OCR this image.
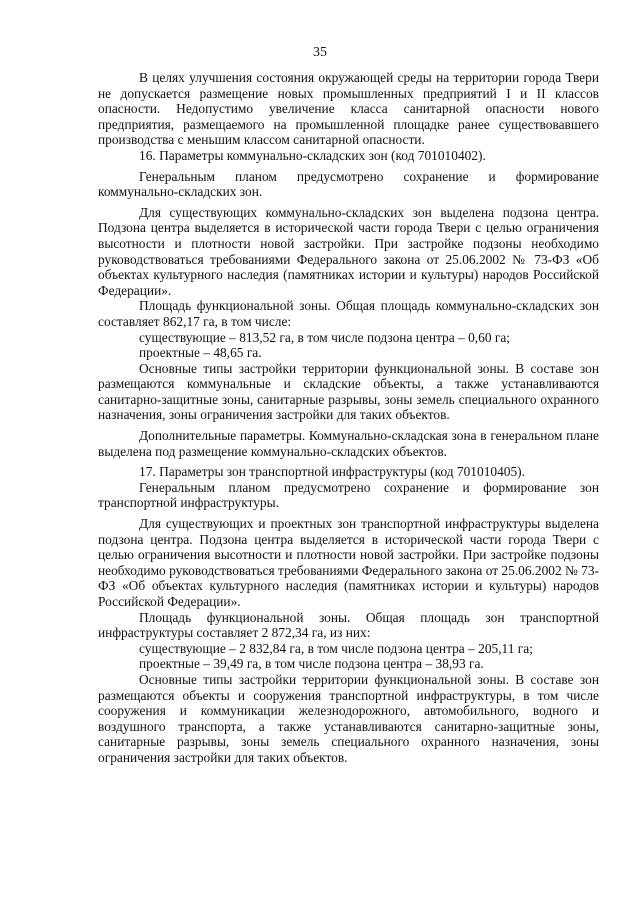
35

В целях улучшения состояния окружающей среды на территории города Твери не допускается размещение новых промышленных предприятий I и II классов опасности. Недопустимо увеличение класса санитарной опасности нового предприятия, размещаемого на промышленной площадке ранее существовавшего производства с меньшим классом санитарной опасности.

16. Параметры коммунально-складских зон (код 701010402).

Генеральным планом предусмотрено сохранение и формирование коммунально-складских зон.

Для существующих коммунально-складских зон выделена подзона центра. Подзона центра выделяется в исторической части города Твери с целью ограничения высотности и плотности новой застройки. При застройке подзоны необходимо руководствоваться требованиями Федерального закона от 25.06.2002 № 73-ФЗ «Об объектах культурного наследия (памятниках истории и культуры) народов Российской Федерации».

Площадь функциональной зоны. Общая площадь коммунально-складских зон составляет 862,17 га, в том числе:

существующие – 813,52 га, в том числе подзона центра – 0,60 га;

проектные – 48,65 га.

Основные типы застройки территории функциональной зоны. В составе зон размещаются коммунальные и складские объекты, а также устанавливаются санитарно-защитные зоны, санитарные разрывы, зоны земель специального охранного назначения, зоны ограничения застройки для таких объектов.

Дополнительные параметры. Коммунально-складская зона в генеральном плане выделена под размещение коммунально-складских объектов.

17. Параметры зон транспортной инфраструктуры (код 701010405).

Генеральным планом предусмотрено сохранение и формирование зон транспортной инфраструктуры.

Для существующих и проектных зон транспортной инфраструктуры выделена подзона центра. Подзона центра выделяется в исторической части города Твери с целью ограничения высотности и плотности новой застройки. При застройке подзоны необходимо руководствоваться требованиями Федерального закона от 25.06.2002 № 73-ФЗ «Об объектах культурного наследия (памятниках истории и культуры) народов Российской Федерации».

Площадь функциональной зоны. Общая площадь зон транспортной инфраструктуры составляет 2 872,34 га, из них:

существующие – 2 832,84 га, в том числе подзона центра – 205,11 га;

проектные – 39,49 га, в том числе подзона центра – 38,93 га.

Основные типы застройки территории функциональной зоны. В составе зон размещаются объекты и сооружения транспортной инфраструктуры, в том числе сооружения и коммуникации железнодорожного, автомобильного, водного и воздушного транспорта, а также устанавливаются санитарно-защитные зоны, санитарные разрывы, зоны земель специального охранного назначения, зоны ограничения застройки для таких объектов.
